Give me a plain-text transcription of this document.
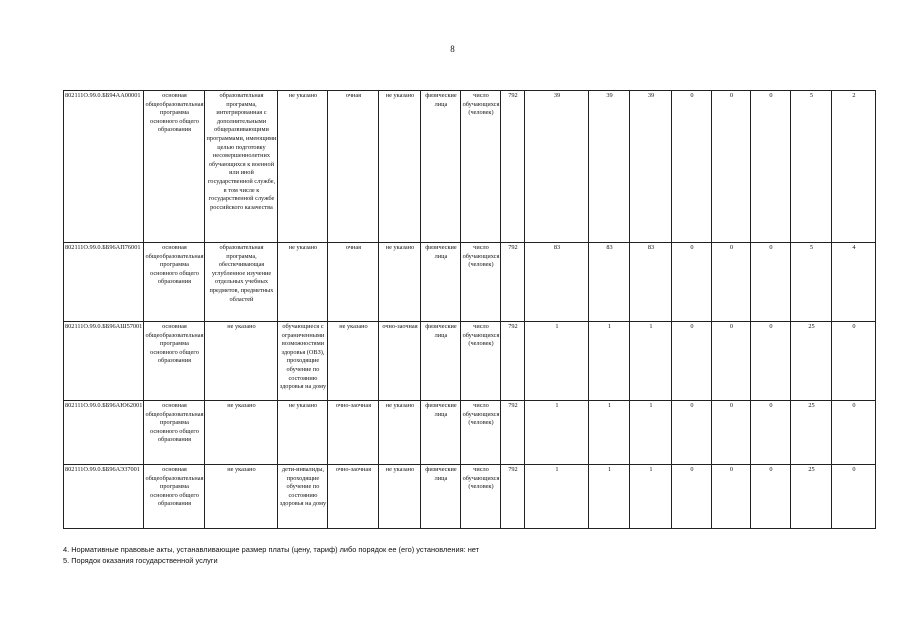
8
802111О.99.0.ББ94АА00001	основная общеобразовательная программа основного общего образования	образовательная программа, интегрированная с дополнительными общеразвивающими программами, имеющими целью подготовку несовершеннолетних обучающихся к военной или иной государственной службе, в том числе к государственной службе российского казачества	не указано	очная	не указано	физические лица	число обучающихся (человек)	792	39	39	39	0	0	0	5	2
802111О.99.0.ББ96АП76001	основная общеобразовательная программа основного общего образования	образовательная программа, обеспечивающая углубленное изучение отдельных учебных предметов, предметных областей	не указано	очная	не указано	физические лица	число обучающихся (человек)	792	83	83	83	0	0	0	5	4
802111О.99.0.ББ96АШ57001	основная общеобразовательная программа основного общего образования	не указано	обучающиеся с ограниченными возможностями здоровья (ОВЗ), проходящие обучение по состоянию здоровья на дому	не указано	очно-заочная	физические лица	число обучающихся (человек)	792	1	1	1	0	0	0	25	0
802111О.99.0.ББ96АЮ62001	основная общеобразовательная программа основного общего образования	не указано	не указано	очно-заочная	не указано	физические лица	число обучающихся (человек)	792	1	1	1	0	0	0	25	0
802111О.99.0.ББ96АЭ37001	основная общеобразовательная программа основного общего образования	не указано	дети-инвалиды, проходящие обучение по состоянию здоровья на дому	очно-заочная	не указано	физические лица	число обучающихся (человек)	792	1	1	1	0	0	0	25	0
4. Нормативные правовые акты, устанавливающие размер платы (цену, тариф) либо порядок ее (его) установления: нет
5. Порядок оказания государственной услуги
